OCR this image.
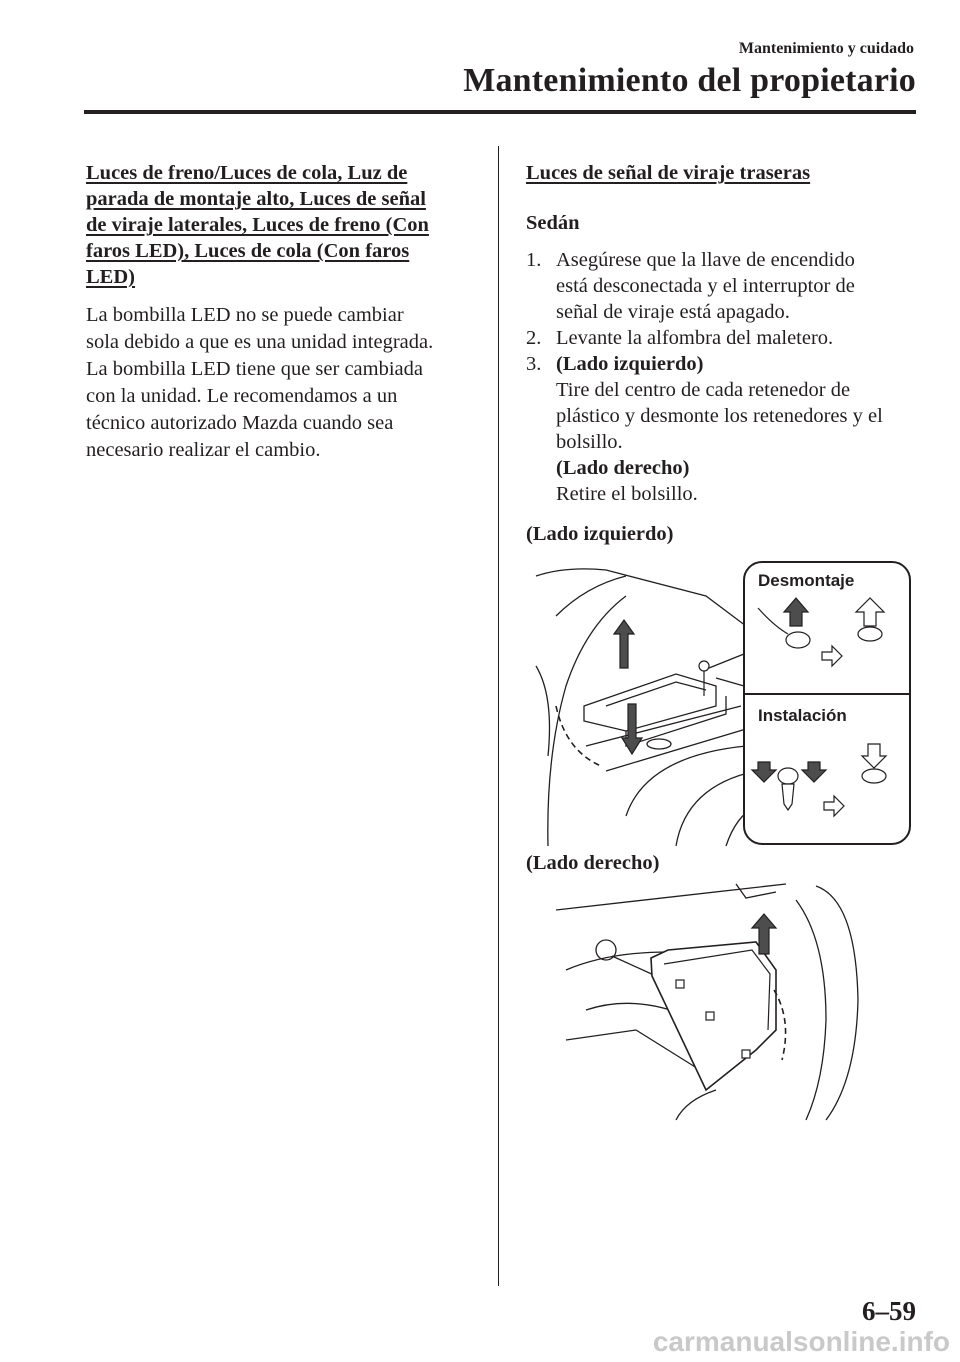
Mantenimiento y cuidado
Mantenimiento del propietario
Luces de freno/Luces de cola, Luz de
parada de montaje alto, Luces de señal
de viraje laterales, Luces de freno (Con
faros LED), Luces de cola (Con faros
LED)

La bombilla LED no se puede cambiar
sola debido a que es una unidad integrada.
La bombilla LED tiene que ser cambiada
con la unidad. Le recomendamos a un
técnico autorizado Mazda cuando sea
necesario realizar el cambio.

Luces de señal de viraje traseras
Sedán
1. Asegúrese que la llave de encendido
está desconectada y el interruptor de
señal de viraje está apagado.
2. Levante la alfombra del maletero.
3. (Lado izquierdo)
Tire del centro de cada retenedor de
plástico y desmonte los retenedores y el
bolsillo.
(Lado derecho)
Retire el bolsillo.
(Lado izquierdo)
Desmontaje
Instalación
(Lado derecho)
6–59
carmanualsonline.info
